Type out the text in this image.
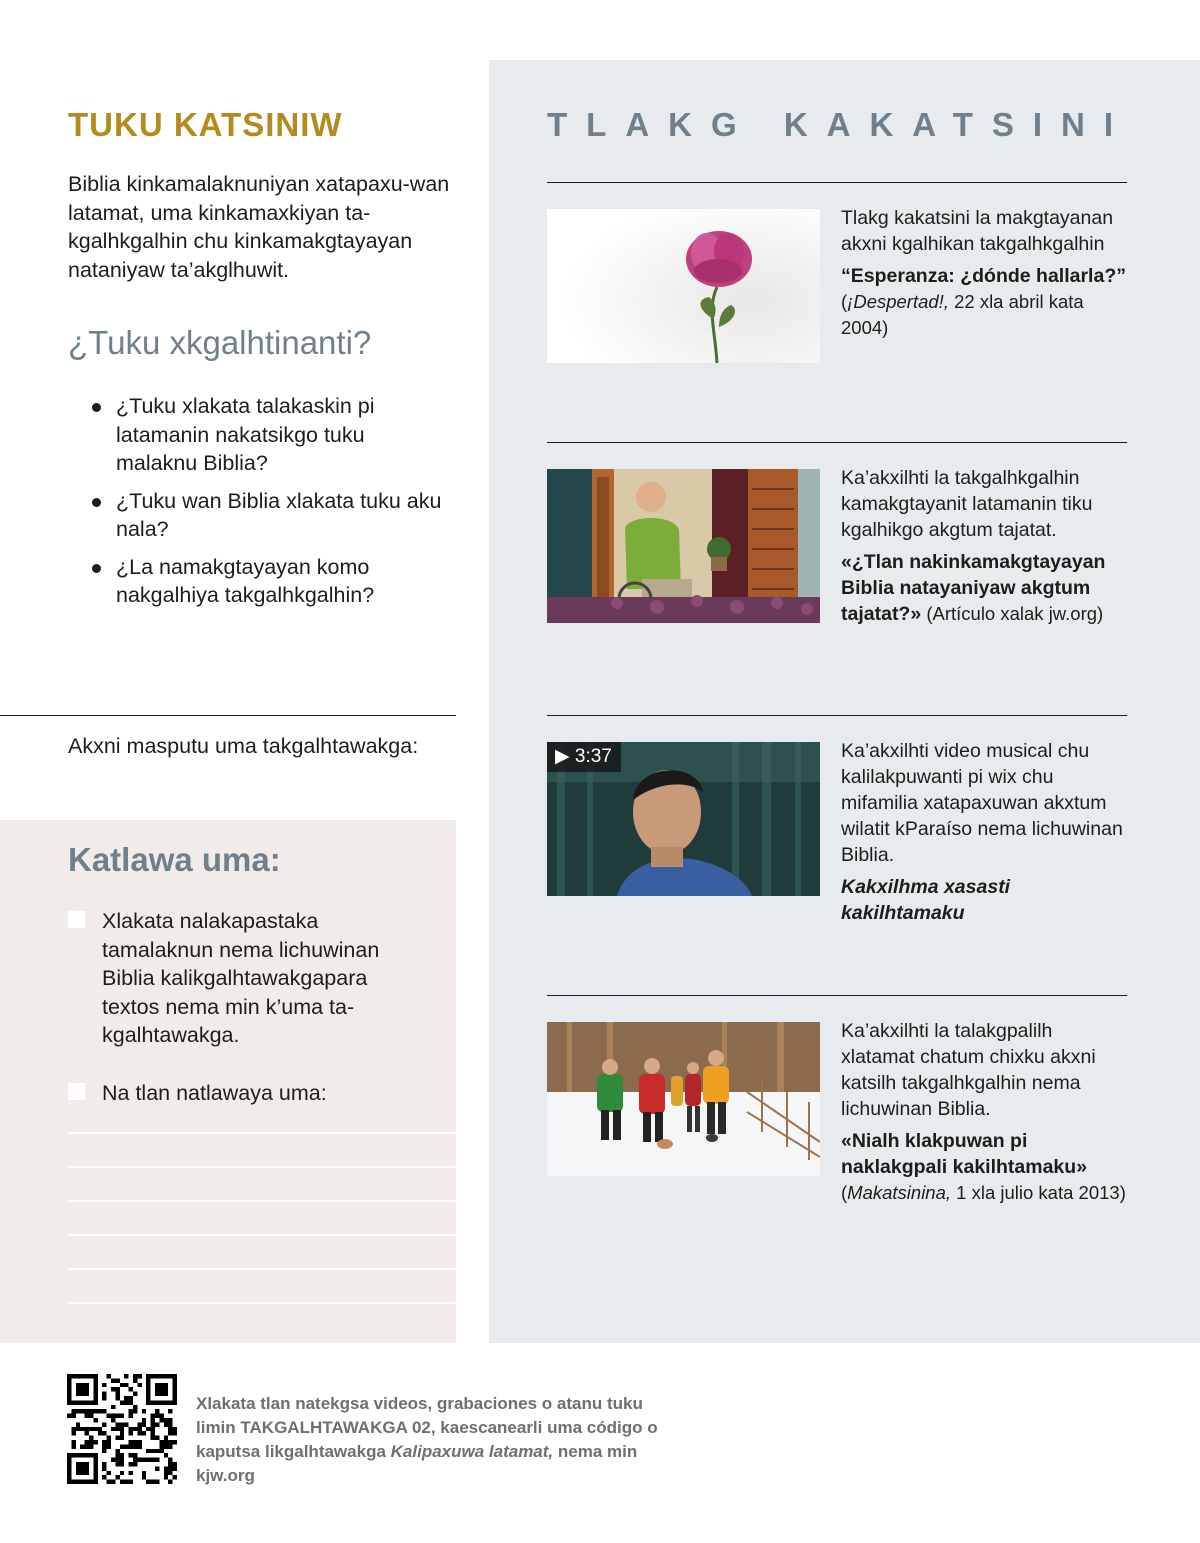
TUKU KATSINIW

Biblia kinkamalaknuniyan xatapaxu-wan latamat, uma kinkamaxkiyan ta-kgalhkgalhin chu kinkamakgtayayan nataniyaw ta’akglhuwit.

¿Tuku xkgalhtinanti?
¿Tuku xlakata talakaskin pi latamanin nakatsikgo tuku malaknu Biblia?
¿Tuku wan Biblia xlakata tuku aku nala?
¿La namakgtayayan komo nakgalhiya takgalhkgalhin?

Akxni masputu uma takgalhtawakga:

Katlawa uma:
Xlakata nalakapastaka tamalaknun nema lichuwinan Biblia kalikgalhtawakgapara textos nema min k’uma ta-kgalhtawakga.
Na tlan natlawaya uma:
TLAKG KAKATSINI

Tlakg kakatsini la makgtayanan akxni kgalhikan takgalhkgalhin

“Esperanza: ¿dónde hallarla?”

(¡Despertad!, 22 xla abril kata 2004)

Ka’akxilhti la takgalhkgalhin kamakgtayanit latamanin tiku kgalhikgo akgtum tajatat.

«¿Tlan nakinkamakgtayayan Biblia natayaniyaw akgtum tajatat?» (Artículo xalak jw.org)

▶ 3:37	Ka’akxilhti video musical chu kalilakpuwanti pi wix chu mifamilia xatapaxuwan akxtum wilatit kParaíso nema lichuwinan Biblia.

Kakxilhma xasasti kakilhtamaku

Ka’akxilhti la talakgpalilh xlatamat chatum chixku akxni katsilh takgalhkgalhin nema lichuwinan Biblia.

«Nialh klakpuwan pi naklakgpali kakilhtamaku»

(Makatsinina, 1 xla julio kata 2013)

Xlakata tlan natekgsa videos, grabaciones o atanu tuku limin TAKGALHTAWAKGA 02, kaescanearli uma código o kaputsa likgalhtawakga Kalipaxuwa latamat, nema min kjw.org
